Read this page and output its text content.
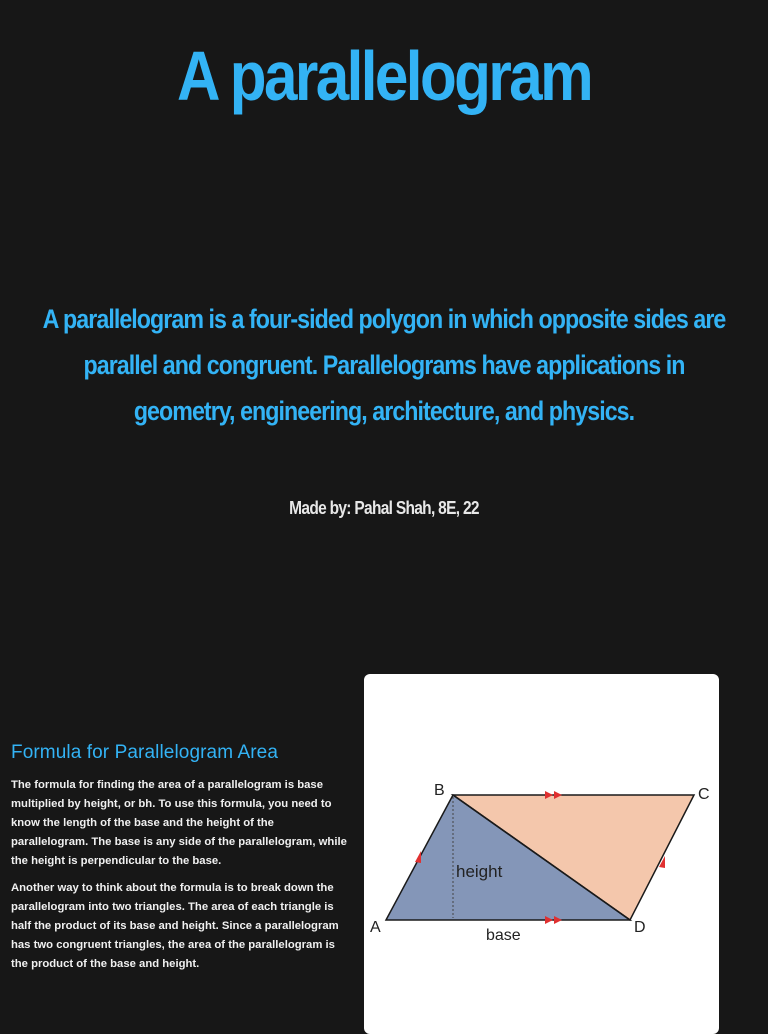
A parallelogram

A parallelogram is a four-sided polygon in which opposite sides are parallel and congruent. Parallelograms have applications in geometry, engineering, architecture, and physics.

Made by: Pahal Shah, 8E, 22
Formula for Parallelogram Area

The formula for finding the area of a parallelogram is base multiplied by height, or bh. To use this formula, you need to know the length of the base and the height of the parallelogram. The base is any side of the parallelogram, while the height is perpendicular to the base.

Another way to think about the formula is to break down the parallelogram into two triangles. The area of each triangle is half the product of its base and height. Since a parallelogram has two congruent triangles, the area of the parallelogram is the product of the base and height.

A
B	C
D
height
base
